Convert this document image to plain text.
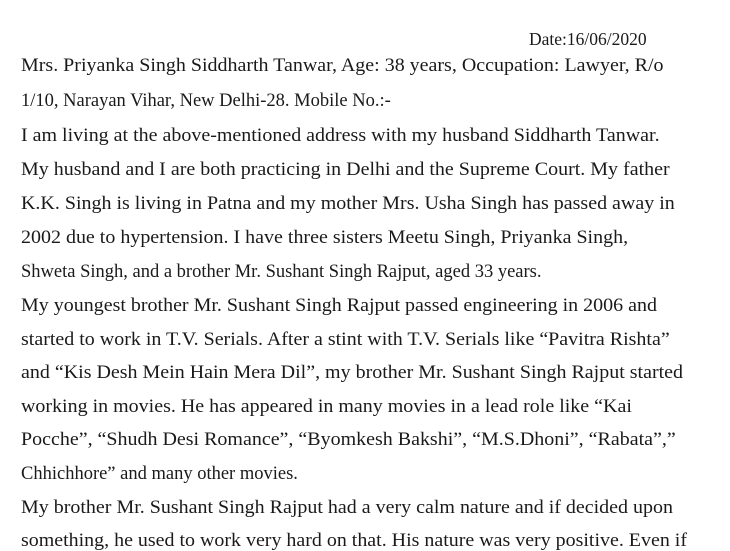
Date:16/06/2020
Mrs. Priyanka Singh Siddharth Tanwar, Age: 38 years, Occupation: Lawyer, R/o
1/10, Narayan Vihar, New Delhi-28. Mobile No.:-
I am living at the above-mentioned address with my husband Siddharth Tanwar.
My husband and I are both practicing in Delhi and the Supreme Court. My father
K.K. Singh is living in Patna and my mother Mrs. Usha Singh has passed away in
2002 due to hypertension. I have three sisters Meetu Singh, Priyanka Singh,
Shweta Singh, and a brother Mr. Sushant Singh Rajput, aged 33 years.
My youngest brother Mr. Sushant Singh Rajput passed engineering in 2006 and
started to work in T.V. Serials. After a stint with T.V. Serials like “Pavitra Rishta”
and “Kis Desh Mein Hain Mera Dil”, my brother Mr. Sushant Singh Rajput started
working in movies. He has appeared in many movies in a lead role like “Kai
Pocche”, “Shudh Desi Romance”, “Byomkesh Bakshi”, “M.S.Dhoni”, “Rabata”,”
Chhichhore” and many other movies.
My brother Mr. Sushant Singh Rajput had a very calm nature and if decided upon
something, he used to work very hard on that. His nature was very positive. Even if
